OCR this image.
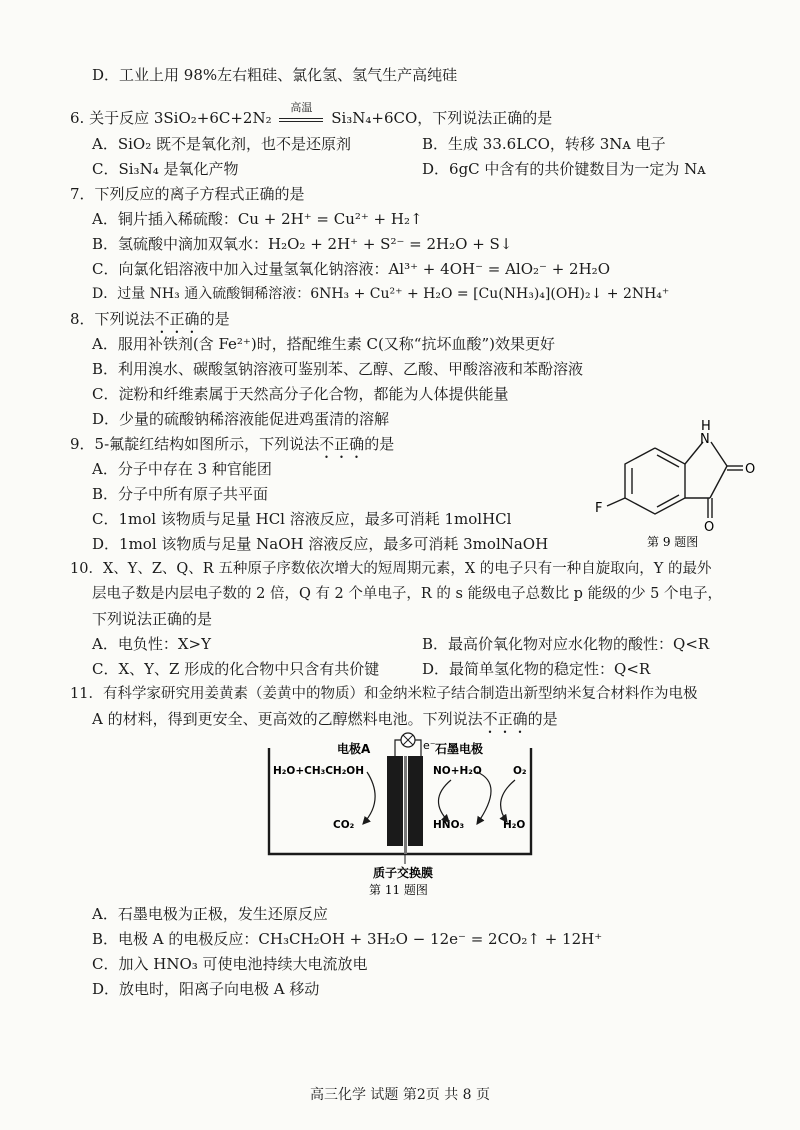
D．工业上用 98%左右粗硅、氯化氢、氢气生产高纯硅
6. 关于反应 3SiO₂+6C+2N₂
高温
Si₃N₄+6CO，下列说法正确的是
A．SiO₂ 既不是氧化剂，也不是还原剂	B．生成 33.6LCO，转移 3Nᴀ 电子
C．Si₃N₄ 是氧化产物	D．6gC 中含有的共价键数目为一定为 Nᴀ
7．下列反应的离子方程式正确的是
A．铜片插入稀硫酸：Cu + 2H⁺ = Cu²⁺ + H₂↑
B．氢硫酸中滴加双氧水：H₂O₂ + 2H⁺ + S²⁻ = 2H₂O + S↓
C．向氯化铝溶液中加入过量氢氧化钠溶液：Al³⁺ + 4OH⁻ = AlO₂⁻ + 2H₂O
D．过量 NH₃ 通入硫酸铜稀溶液：6NH₃ + Cu²⁺ + H₂O = [Cu(NH₃)₄](OH)₂↓ + 2NH₄⁺
8．下列说法不正确的是
A．服用补铁剂(含 Fe²⁺)时，搭配维生素 C(又称“抗坏血酸”)效果更好
B．利用溴水、碳酸氢钠溶液可鉴别苯、乙醇、乙酸、甲酸溶液和苯酚溶液
C．淀粉和纤维素属于天然高分子化合物，都能为人体提供能量
D．少量的硫酸钠稀溶液能促进鸡蛋清的溶解
9．5-氟靛红结构如图所示，下列说法不正确的是
A．分子中存在 3 种官能团
B．分子中所有原子共平面
C．1mol 该物质与足量 HCl 溶液反应，最多可消耗 1molHCl
D．1mol 该物质与足量 NaOH 溶液反应，最多可消耗 3molNaOH
H
N
O
O
F
第 9 题图
10．X、Y、Z、Q、R 五种原子序数依次增大的短周期元素，X 的电子只有一种自旋取向，Y 的最外
层电子数是内层电子数的 2 倍，Q 有 2 个单电子，R 的 s 能级电子总数比 p 能级的少 5 个电子，
下列说法正确的是
A．电负性：X>Y	B．最高价氧化物对应水化物的酸性：Q<R
C．X、Y、Z 形成的化合物中只含有共价键	D．最简单氢化物的稳定性：Q<R
11．有科学家研究用姜黄素（姜黄中的物质）和金纳米粒子结合制造出新型纳米复合材料作为电极
A 的材料，得到更安全、更高效的乙醇燃料电池。下列说法不正确的是
电极A	e⁻ 石墨电极
H₂O+CH₃CH₂OH
CO₂
NO+H₂O
HNO₃
O₂
H₂O
质子交换膜
第 11 题图
A．石墨电极为正极，发生还原反应
B．电极 A 的电极反应：CH₃CH₂OH + 3H₂O − 12e⁻ = 2CO₂↑ + 12H⁺
C．加入 HNO₃ 可使电池持续大电流放电
D．放电时，阳离子向电极 A 移动
高三化学 试题 第2页 共 8 页
